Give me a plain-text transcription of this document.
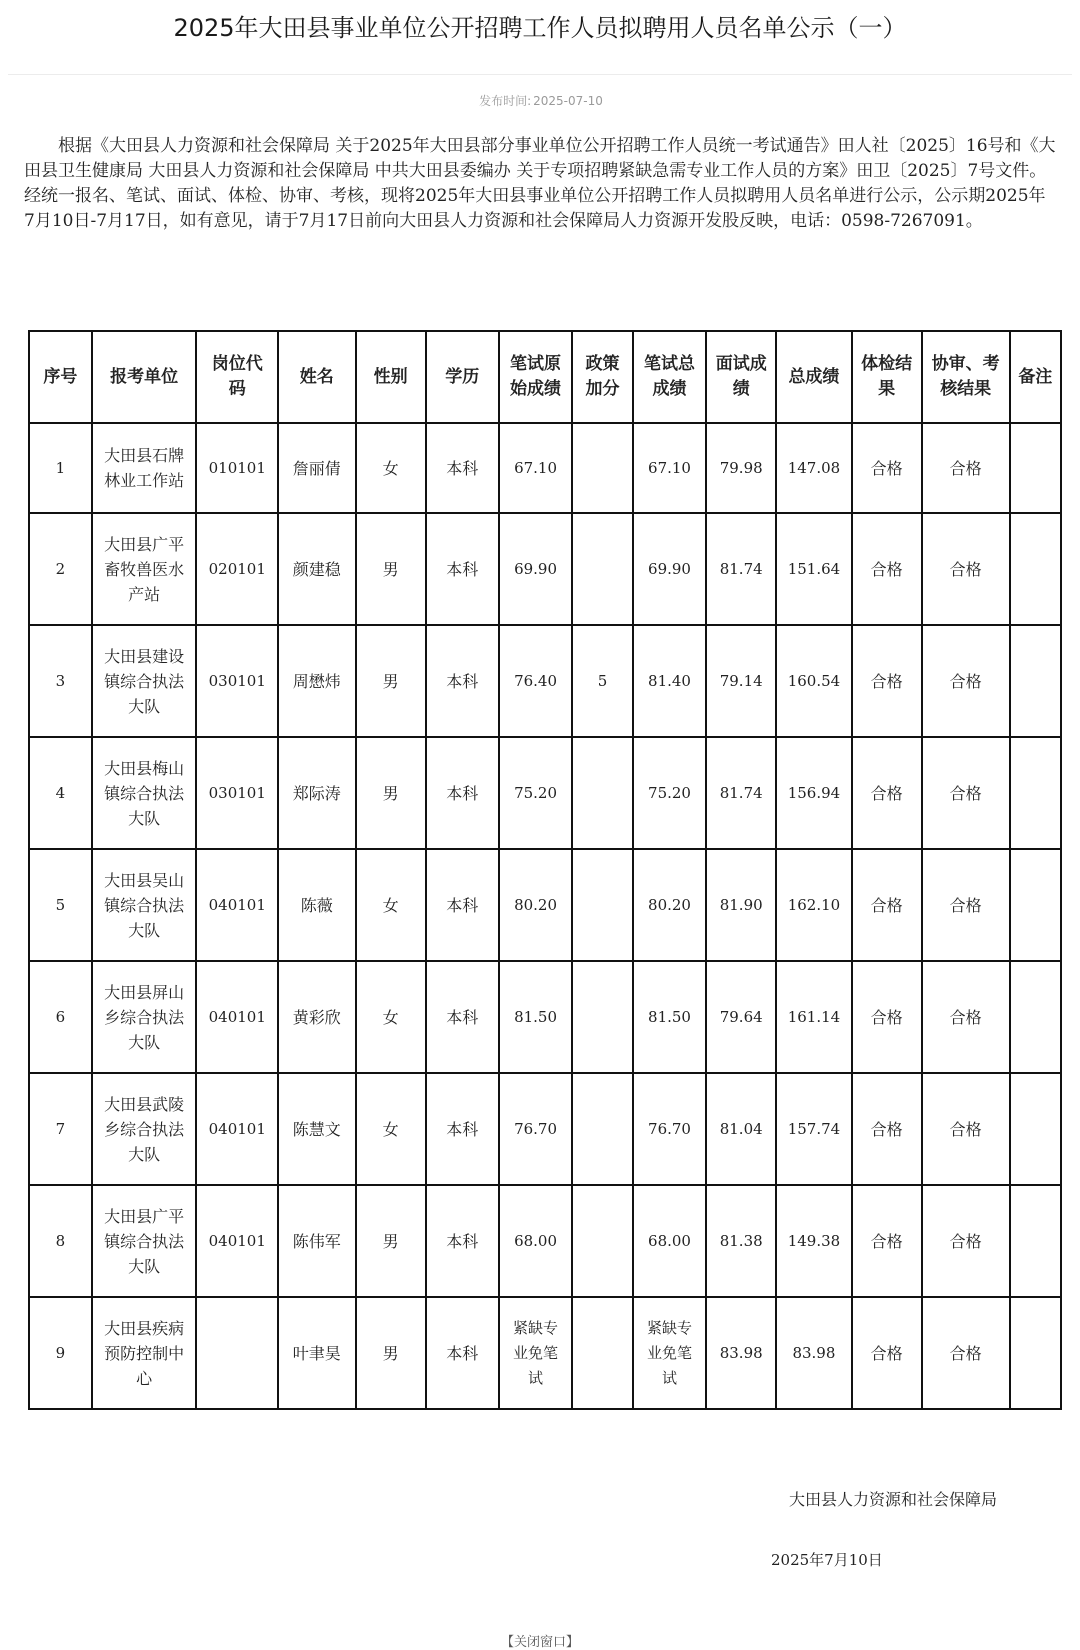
2025年大田县事业单位公开招聘工作人员拟聘用人员名单公示（一）
发布时间: 2025-07-10

根据《大田县人力资源和社会保障局 关于2025年大田县部分事业单位公开招聘工作人员统一考试通告》田人社〔2025〕16号和《大田县卫生健康局 大田县人力资源和社会保障局 中共大田县委编办 关于专项招聘紧缺急需专业工作人员的方案》田卫〔2025〕7号文件。经统一报名、笔试、面试、体检、协审、考核，现将2025年大田县事业单位公开招聘工作人员拟聘用人员名单进行公示，公示期2025年7月10日-7月17日，如有意见，请于7月17日前向大田县人力资源和社会保障局人力资源开发股反映，电话：0598-7267091。

序号	报考单位	岗位代码	姓名	性别	学历	笔试原始成绩	政策加分	笔试总成绩	面试成绩	总成绩	体检结果	协审、考核结果	备注
1	大田县石牌林业工作站	010101	詹丽倩	女	本科	67.10		67.10	79.98	147.08	合格	合格	
2	大田县广平畜牧兽医水产站	020101	颜建稳	男	本科	69.90		69.90	81.74	151.64	合格	合格	
3	大田县建设镇综合执法大队	030101	周懋炜	男	本科	76.40	5	81.40	79.14	160.54	合格	合格	
4	大田县梅山镇综合执法大队	030101	郑际涛	男	本科	75.20		75.20	81.74	156.94	合格	合格	
5	大田县吴山镇综合执法大队	040101	陈薇	女	本科	80.20		80.20	81.90	162.10	合格	合格	
6	大田县屏山乡综合执法大队	040101	黄彩欣	女	本科	81.50		81.50	79.64	161.14	合格	合格	
7	大田县武陵乡综合执法大队	040101	陈慧文	女	本科	76.70		76.70	81.04	157.74	合格	合格	
8	大田县广平镇综合执法大队	040101	陈伟军	男	本科	68.00		68.00	81.38	149.38	合格	合格	
9	大田县疾病预防控制中心		叶聿昊	男	本科	紧缺专业免笔试		紧缺专业免笔试	83.98	83.98	合格	合格	
大田县人力资源和社会保障局
2025年7月10日
【关闭窗口】
